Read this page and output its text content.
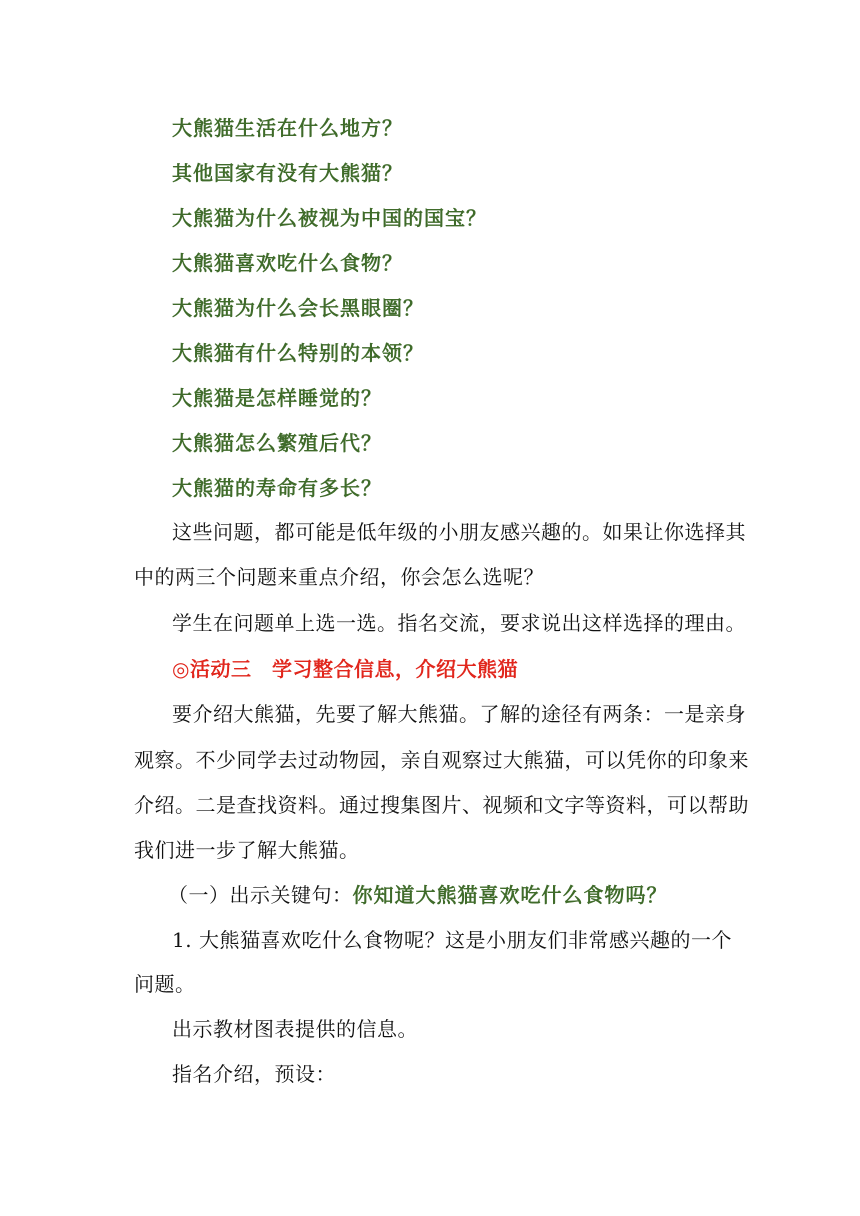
大熊猫生活在什么地方？
其他国家有没有大熊猫？
大熊猫为什么被视为中国的国宝？
大熊猫喜欢吃什么食物？
大熊猫为什么会长黑眼圈？
大熊猫有什么特别的本领？
大熊猫是怎样睡觉的？
大熊猫怎么繁殖后代？
大熊猫的寿命有多长？
这些问题，都可能是低年级的小朋友感兴趣的。如果让你选择其
中的两三个问题来重点介绍，你会怎么选呢？
学生在问题单上选一选。指名交流，要求说出这样选择的理由。
◎活动三　学习整合信息，介绍大熊猫
要介绍大熊猫，先要了解大熊猫。了解的途径有两条：一是亲身
观察。不少同学去过动物园，亲自观察过大熊猫，可以凭你的印象来
介绍。二是查找资料。通过搜集图片、视频和文字等资料，可以帮助
我们进一步了解大熊猫。
（一）出示关键句：你知道大熊猫喜欢吃什么食物吗？
1. 大熊猫喜欢吃什么食物呢？这是小朋友们非常感兴趣的一个
问题。
出示教材图表提供的信息。
指名介绍，预设：
